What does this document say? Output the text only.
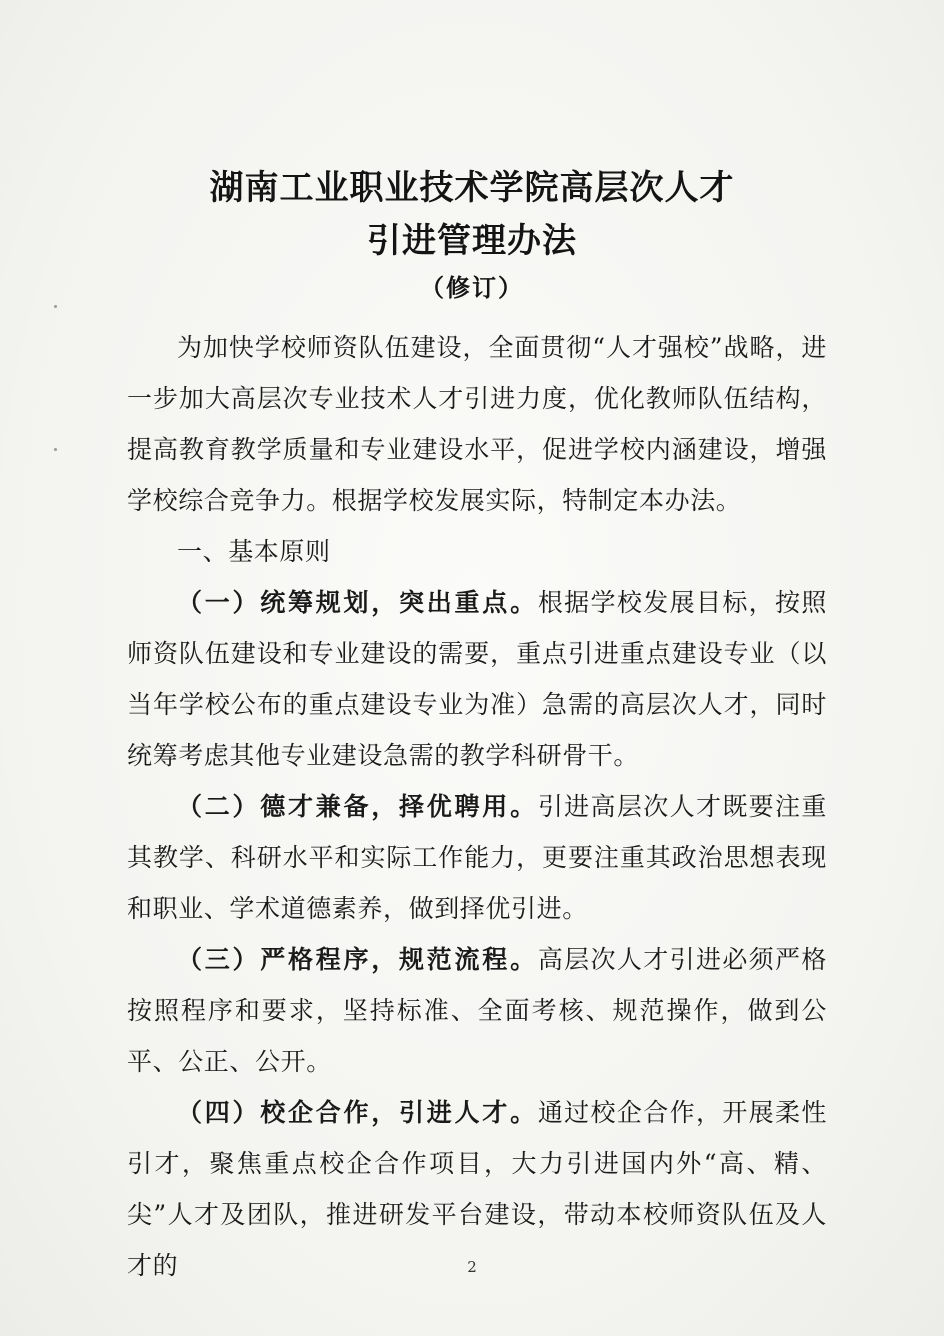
湖南工业职业技术学院高层次人才
引进管理办法
（修订）

为加快学校师资队伍建设，全面贯彻“人才强校”战略，进一步加大高层次专业技术人才引进力度，优化教师队伍结构，提高教育教学质量和专业建设水平，促进学校内涵建设，增强学校综合竞争力。根据学校发展实际，特制定本办法。

一、基本原则

（一）统筹规划，突出重点。根据学校发展目标，按照师资队伍建设和专业建设的需要，重点引进重点建设专业（以当年学校公布的重点建设专业为准）急需的高层次人才，同时统筹考虑其他专业建设急需的教学科研骨干。

（二）德才兼备，择优聘用。引进高层次人才既要注重其教学、科研水平和实际工作能力，更要注重其政治思想表现和职业、学术道德素养，做到择优引进。

（三）严格程序，规范流程。高层次人才引进必须严格按照程序和要求，坚持标准、全面考核、规范操作，做到公平、公正、公开。

（四）校企合作，引进人才。通过校企合作，开展柔性引才，聚焦重点校企合作项目，大力引进国内外“高、精、尖”人才及团队，推进研发平台建设，带动本校师资队伍及人才的	2
